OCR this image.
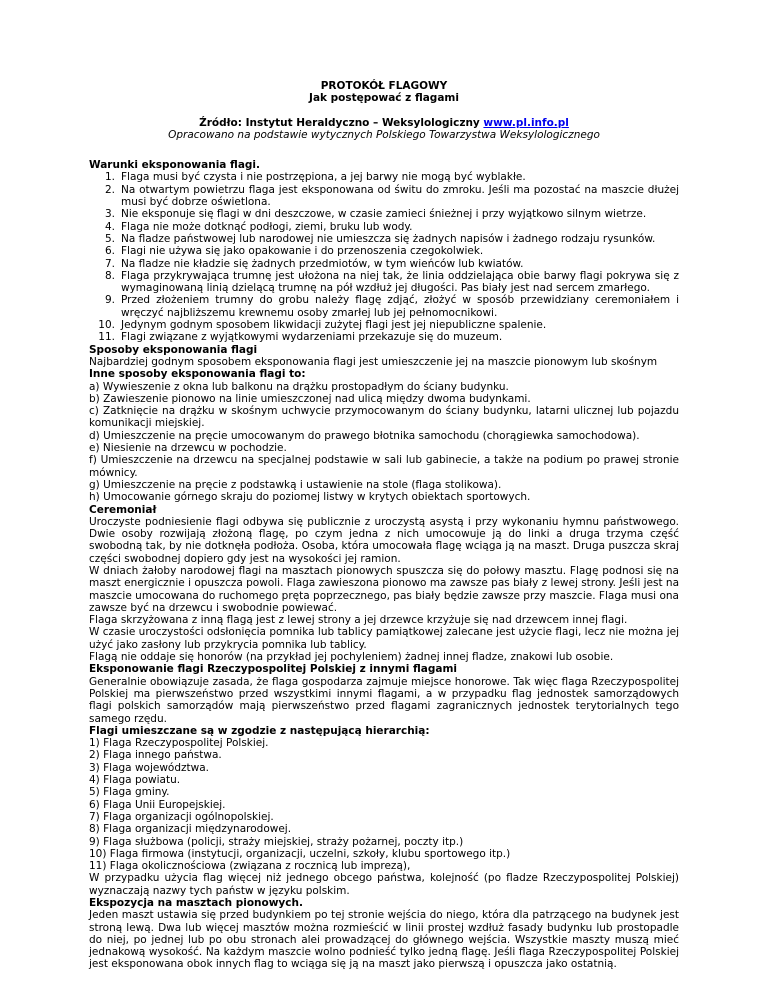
PROTOKÓŁ FLAGOWY
Jak postępować z flagami
Źródło: Instytut Heraldyczno – Weksylologiczny www.pl.info.pl
Opracowano na podstawie wytycznych Polskiego Towarzystwa Weksylologicznego
Warunki eksponowania flagi.
1. Flaga musi być czysta i nie postrzępiona, a jej barwy nie mogą być wyblakłe.
2. Na otwartym powietrzu flaga jest eksponowana od świtu do zmroku. Jeśli ma pozostać na maszcie dłużej musi być dobrze oświetlona.
3. Nie eksponuje się flagi w dni deszczowe, w czasie zamieci śnieżnej i przy wyjątkowo silnym wietrze.
4. Flaga nie może dotknąć podłogi, ziemi, bruku lub wody.
5. Na fladze państwowej lub narodowej nie umieszcza się żadnych napisów i żadnego rodzaju rysunków.
6. Flagi nie używa się jako opakowanie i do przenoszenia czegokolwiek.
7. Na fladze nie kładzie się żadnych przedmiotów, w tym wieńców lub kwiatów.
8. Flaga przykrywająca trumnę jest ułożona na niej tak, że linia oddzielająca obie barwy flagi pokrywa się z wymaginowaną linią dzielącą trumnę na pół wzdłuż jej długości. Pas biały jest nad sercem zmarłego.
9. Przed złożeniem trumny do grobu należy flagę zdjąć, złożyć w sposób przewidziany ceremoniałem i wręczyć najbliższemu krewnemu osoby zmarłej lub jej pełnomocnikowi.
10. Jedynym godnym sposobem likwidacji zużytej flagi jest jej niepubliczne spalenie.
11. Flagi związane z wyjątkowymi wydarzeniami przekazuje się do muzeum.
Sposoby eksponowania flagi

Najbardziej godnym sposobem eksponowania flagi jest umieszczenie jej na maszcie pionowym lub skośnym

Inne sposoby eksponowania flagi to:

a) Wywieszenie z okna lub balkonu na drążku prostopadłym do ściany budynku.

b) Zawieszenie pionowo na linie umieszczonej nad ulicą między dwoma budynkami.

c) Zatknięcie na drążku w skośnym uchwycie przymocowanym do ściany budynku, latarni ulicznej lub pojazdu komunikacji miejskiej.

d) Umieszczenie na pręcie umocowanym do prawego błotnika samochodu (chorągiewka samochodowa).

e) Niesienie na drzewcu w pochodzie.

f) Umieszczenie na drzewcu na specjalnej podstawie w sali lub gabinecie, a także na podium po prawej stronie mównicy.

g) Umieszczenie na pręcie z podstawką i ustawienie na stole (flaga stolikowa).

h) Umocowanie górnego skraju do poziomej listwy w krytych obiektach sportowych.

Ceremoniał

Uroczyste podniesienie flagi odbywa się publicznie z uroczystą asystą i przy wykonaniu hymnu państwowego. Dwie osoby rozwijają złożoną flagę, po czym jedna z nich umocowuje ją do linki a druga trzyma część swobodną tak, by nie dotknęła podłoża. Osoba, która umocowała flagę wciąga ją na maszt. Druga puszcza skraj części swobodnej dopiero gdy jest na wysokości jej ramion.

W dniach żałoby narodowej flagi na masztach pionowych spuszcza się do połowy masztu. Flagę podnosi się na maszt energicznie i opuszcza powoli. Flaga zawieszona pionowo ma zawsze pas biały z lewej strony. Jeśli jest na maszcie umocowana do ruchomego pręta poprzecznego, pas biały będzie zawsze przy maszcie. Flaga musi ona zawsze być na drzewcu i swobodnie powiewać.

Flaga skrzyżowana z inną flagą jest z lewej strony a jej drzewce krzyżuje się nad drzewcem innej flagi.

W czasie uroczystości odsłonięcia pomnika lub tablicy pamiątkowej zalecane jest użycie flagi, lecz nie można jej użyć jako zasłony lub przykrycia pomnika lub tablicy.

Flagą nie oddaje się honorów (na przykład jej pochyleniem) żadnej innej fladze, znakowi lub osobie.

Eksponowanie flagi Rzeczypospolitej Polskiej z innymi flagami

Generalnie obowiązuje zasada, że flaga gospodarza zajmuje miejsce honorowe. Tak więc flaga Rzeczypospolitej Polskiej ma pierwszeństwo przed wszystkimi innymi flagami, a w przypadku flag jednostek samorządowych flagi polskich samorządów mają pierwszeństwo przed flagami zagranicznych jednostek terytorialnych tego samego rzędu.

Flagi umieszczane są w zgodzie z następującą hierarchią:

1) Flaga Rzeczypospolitej Polskiej.

2) Flaga innego państwa.

3) Flaga województwa.

4) Flaga powiatu.

5) Flaga gminy.

6) Flaga Unii Europejskiej.

7) Flaga organizacji ogólnopolskiej.

8) Flaga organizacji międzynarodowej.

9) Flaga służbowa (policji, straży miejskiej, straży pożarnej, poczty itp.)

10) Flaga firmowa (instytucji, organizacji, uczelni, szkoły, klubu sportowego itp.)

11) Flaga okolicznościowa (związana z rocznicą lub imprezą),

W przypadku użycia flag więcej niż jednego obcego państwa, kolejność (po fladze Rzeczypospolitej Polskiej) wyznaczają nazwy tych państw w języku polskim.

Ekspozycja na masztach pionowych.

Jeden maszt ustawia się przed budynkiem po tej stronie wejścia do niego, która dla patrzącego na budynek jest stroną lewą. Dwa lub więcej masztów można rozmieścić w linii prostej wzdłuż fasady budynku lub prostopadle do niej, po jednej lub po obu stronach alei prowadzącej do głównego wejścia. Wszystkie maszty muszą mieć jednakową wysokość. Na każdym maszcie wolno podnieść tylko jedną flagę. Jeśli flaga Rzeczypospolitej Polskiej jest eksponowana obok innych flag to wciąga się ją na maszt jako pierwszą i opuszcza jako ostatnią.
